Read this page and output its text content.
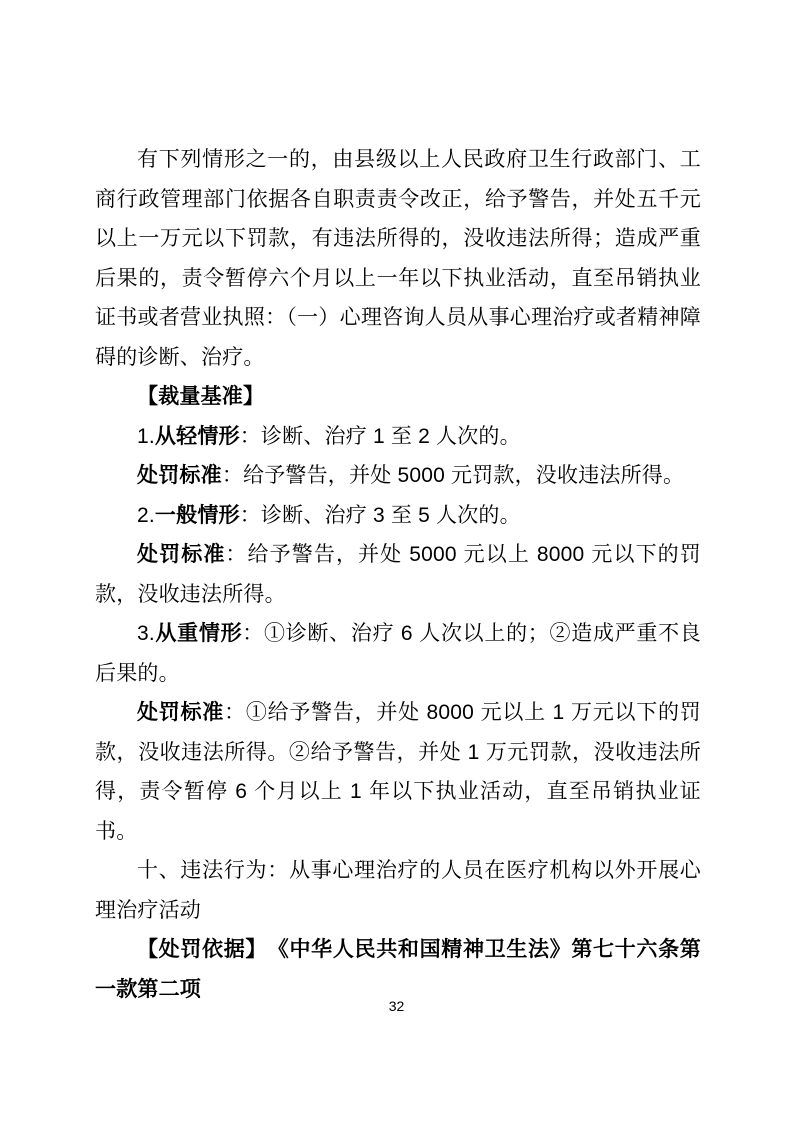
有下列情形之一的，由县级以上人民政府卫生行政部门、工商行政管理部门依据各自职责责令改正，给予警告，并处五千元以上一万元以下罚款，有违法所得的，没收违法所得；造成严重后果的，责令暂停六个月以上一年以下执业活动，直至吊销执业证书或者营业执照：（一）心理咨询人员从事心理治疗或者精神障碍的诊断、治疗。

【裁量基准】

1.从轻情形：诊断、治疗 1 至 2 人次的。

处罚标准：给予警告，并处 5000 元罚款，没收违法所得。

2.一般情形：诊断、治疗 3 至 5 人次的。

处罚标准：给予警告，并处 5000 元以上 8000 元以下的罚款，没收违法所得。

3.从重情形：①诊断、治疗 6 人次以上的；②造成严重不良后果的。

处罚标准：①给予警告，并处 8000 元以上 1 万元以下的罚款，没收违法所得。②给予警告，并处 1 万元罚款，没收违法所得，责令暂停 6 个月以上 1 年以下执业活动，直至吊销执业证书。

十、违法行为：从事心理治疗的人员在医疗机构以外开展心理治疗活动

【处罚依据】　《中华人民共和国精神卫生法》第七十六条第一款第二项

32
